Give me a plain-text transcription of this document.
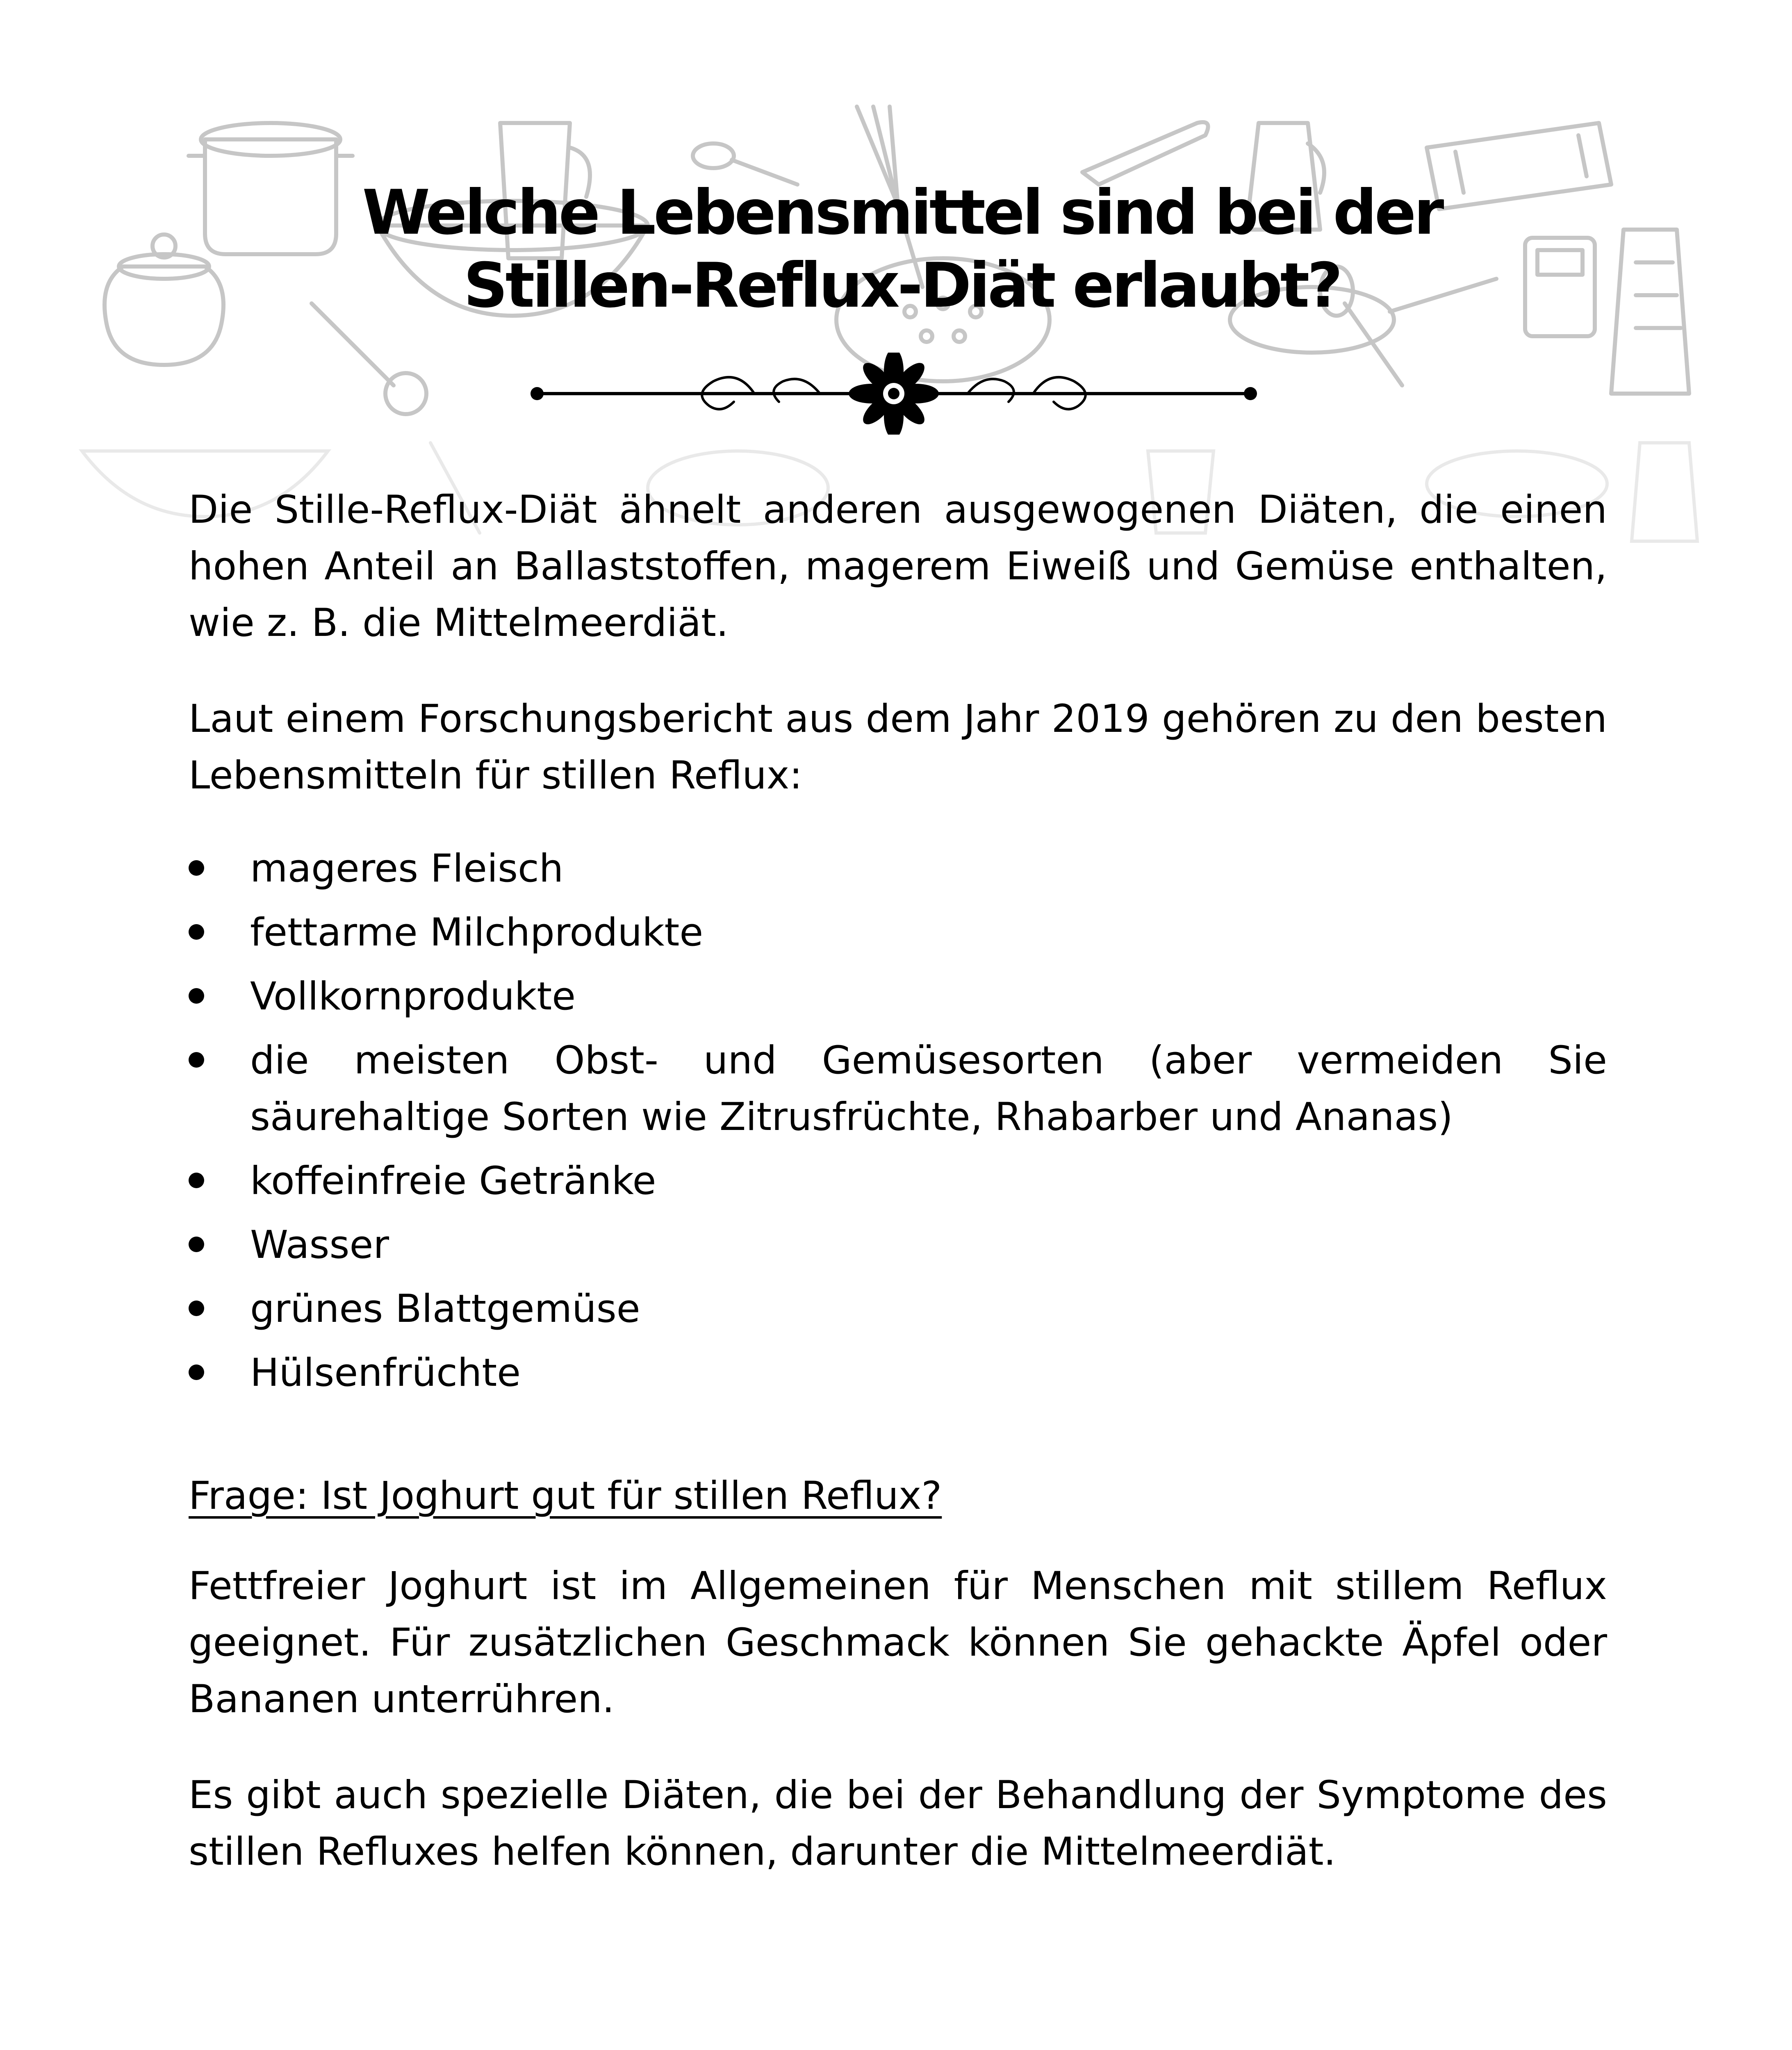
Welche Lebensmittel sind bei der
Stillen-Reflux-Diät erlaubt?

Die Stille-Reflux-Diät ähnelt anderen ausgewogenen Diäten, die einen hohen Anteil an Ballaststoffen, magerem Eiweiß und Gemüse enthalten, wie z. B. die Mittelmeerdiät.

Laut einem Forschungsbericht aus dem Jahr 2019 gehören zu den besten Lebensmitteln für stillen Reflux:

mageres Fleisch
fettarme Milchprodukte
Vollkornprodukte
die meisten Obst- und Gemüsesorten (aber vermeiden Sie säurehaltige Sorten wie Zitrusfrüchte, Rhabarber und Ananas)
koffeinfreie Getränke
Wasser
grünes Blattgemüse
Hülsenfrüchte

Frage: Ist Joghurt gut für stillen Reflux?

Fettfreier Joghurt ist im Allgemeinen für Menschen mit stillem Reflux geeignet. Für zusätzlichen Geschmack können Sie gehackte Äpfel oder Bananen unterrühren.

Es gibt auch spezielle Diäten, die bei der Behandlung der Symptome des stillen Refluxes helfen können, darunter die Mittelmeerdiät.
